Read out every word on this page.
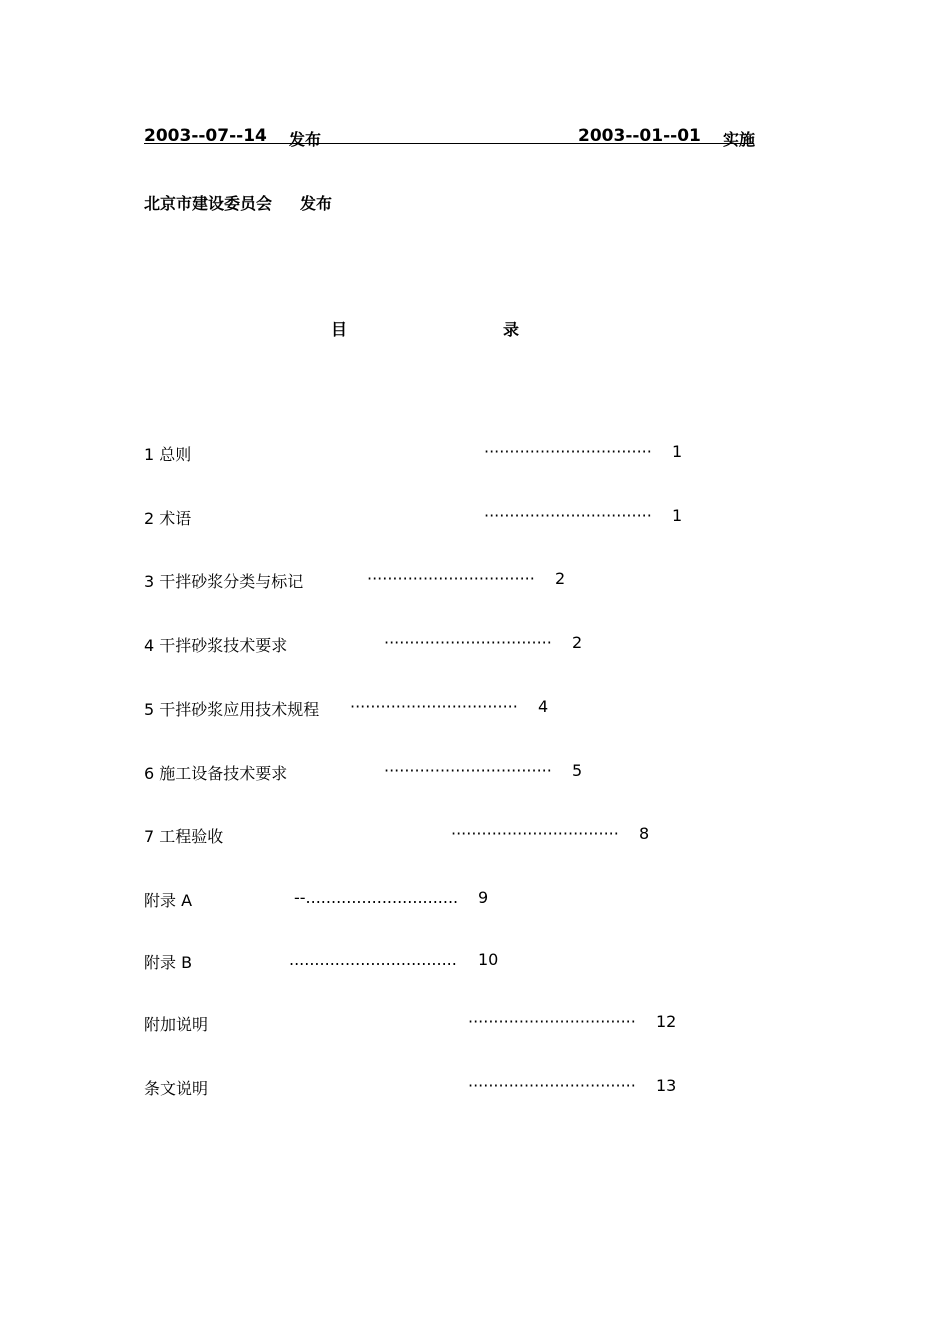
2003--07--14 发布	2003--01--01 实施
北京市建设委员会 发布
目	录
1 总则	································· 1
2 术语	································· 1
3 干拌砂浆分类与标记	································· 2
4 干拌砂浆技术要求	································· 2
5 干拌砂浆应用技术规程 ································· 4
6 施工设备技术要求	································· 5
7 工程验收	································· 8
附录 A	--.............................. 9
附录 B	................................. 10
附加说明	································· 12
条文说明	································· 13
